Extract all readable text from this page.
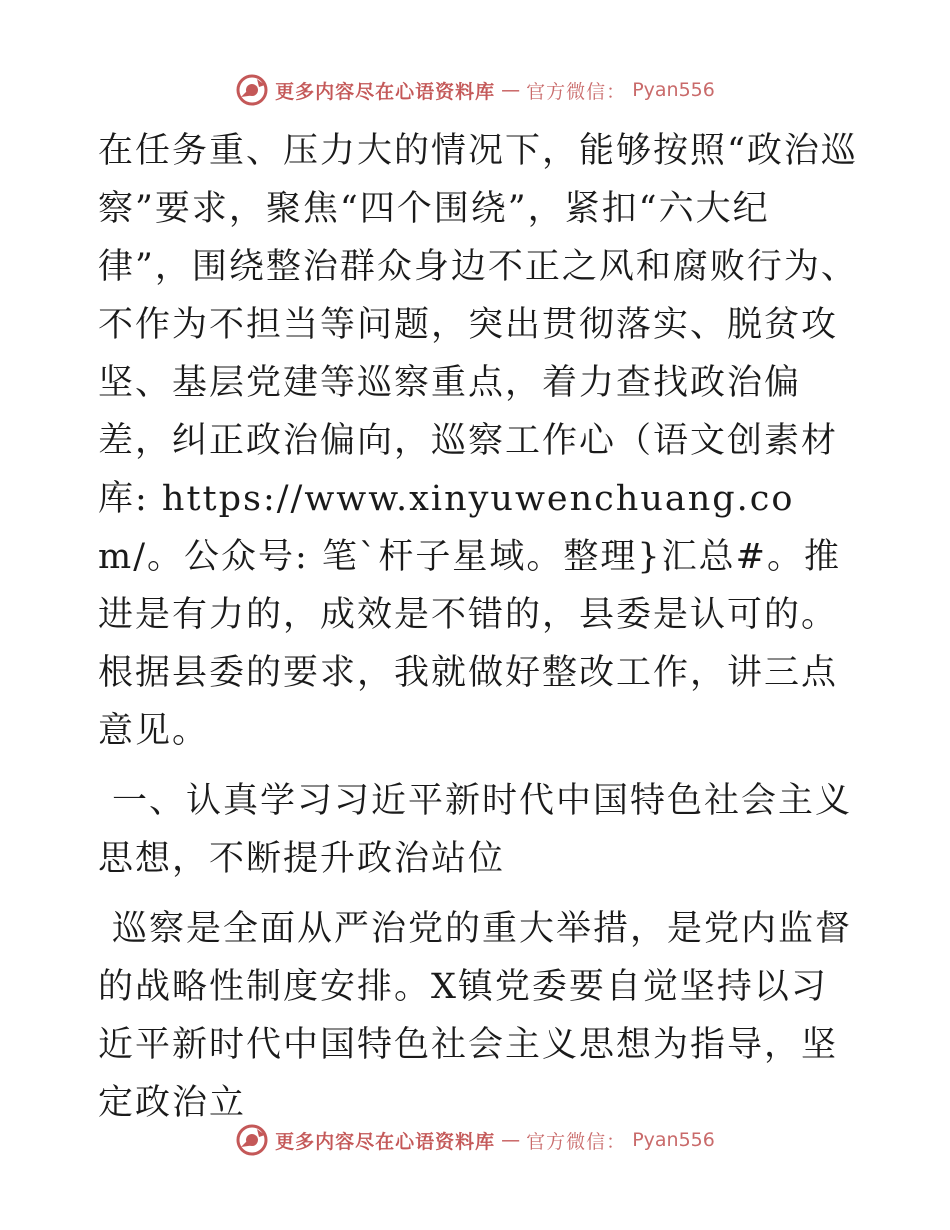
更多内容尽在心语资料库 — 官方微信： Pyan556

在任务重、压力大的情况下，能够按照“政治巡察”要求，聚焦“四个围绕”，紧扣“六大纪律”，围绕整治群众身边不正之风和腐败行为、不作为不担当等问题，突出贯彻落实、脱贫攻坚、基层党建等巡察重点，着力查找政治偏差，纠正政治偏向，巡察工作心（语文创素材库: https://www.xinyuwenchuang.com/。公众号: 笔`杆子星域。整理}汇总#。推进是有力的，成效是不错的，县委是认可的。根据县委的要求，我就做好整改工作，讲三点意见。

一、认真学习习近平新时代中国特色社会主义思想，不断提升政治站位

巡察是全面从严治党的重大举措，是党内监督的战略性制度安排。X镇党委要自觉坚持以习近平新时代中国特色社会主义思想为指导，坚定政治立

更多内容尽在心语资料库 — 官方微信： Pyan556
